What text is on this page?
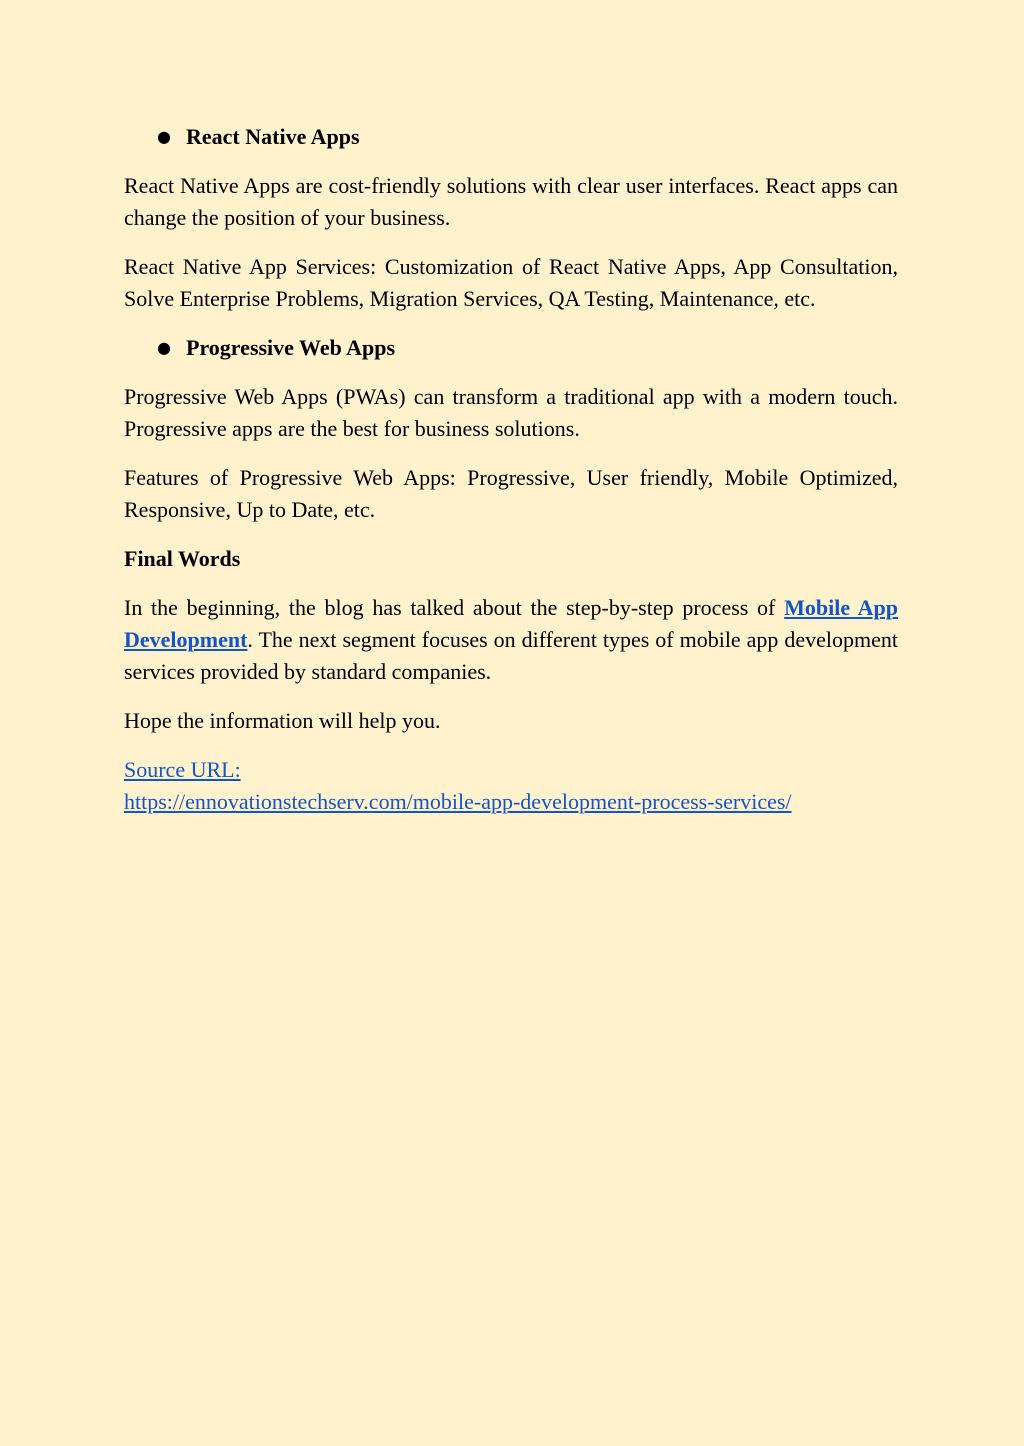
● React Native Apps

React Native Apps are cost-friendly solutions with clear user interfaces. React apps can change the position of your business.

React Native App Services: Customization of React Native Apps, App Consultation, Solve Enterprise Problems, Migration Services, QA Testing, Maintenance, etc.

● Progressive Web Apps

Progressive Web Apps (PWAs) can transform a traditional app with a modern touch. Progressive apps are the best for business solutions.

Features of Progressive Web Apps: Progressive, User friendly, Mobile Optimized, Responsive, Up to Date, etc.

Final Words

In the beginning, the blog has talked about the step-by-step process of Mobile App Development. The next segment focuses on different types of mobile app development services provided by standard companies.

Hope the information will help you.

Source URL:
https://ennovationstechserv.com/mobile-app-development-process-services/
